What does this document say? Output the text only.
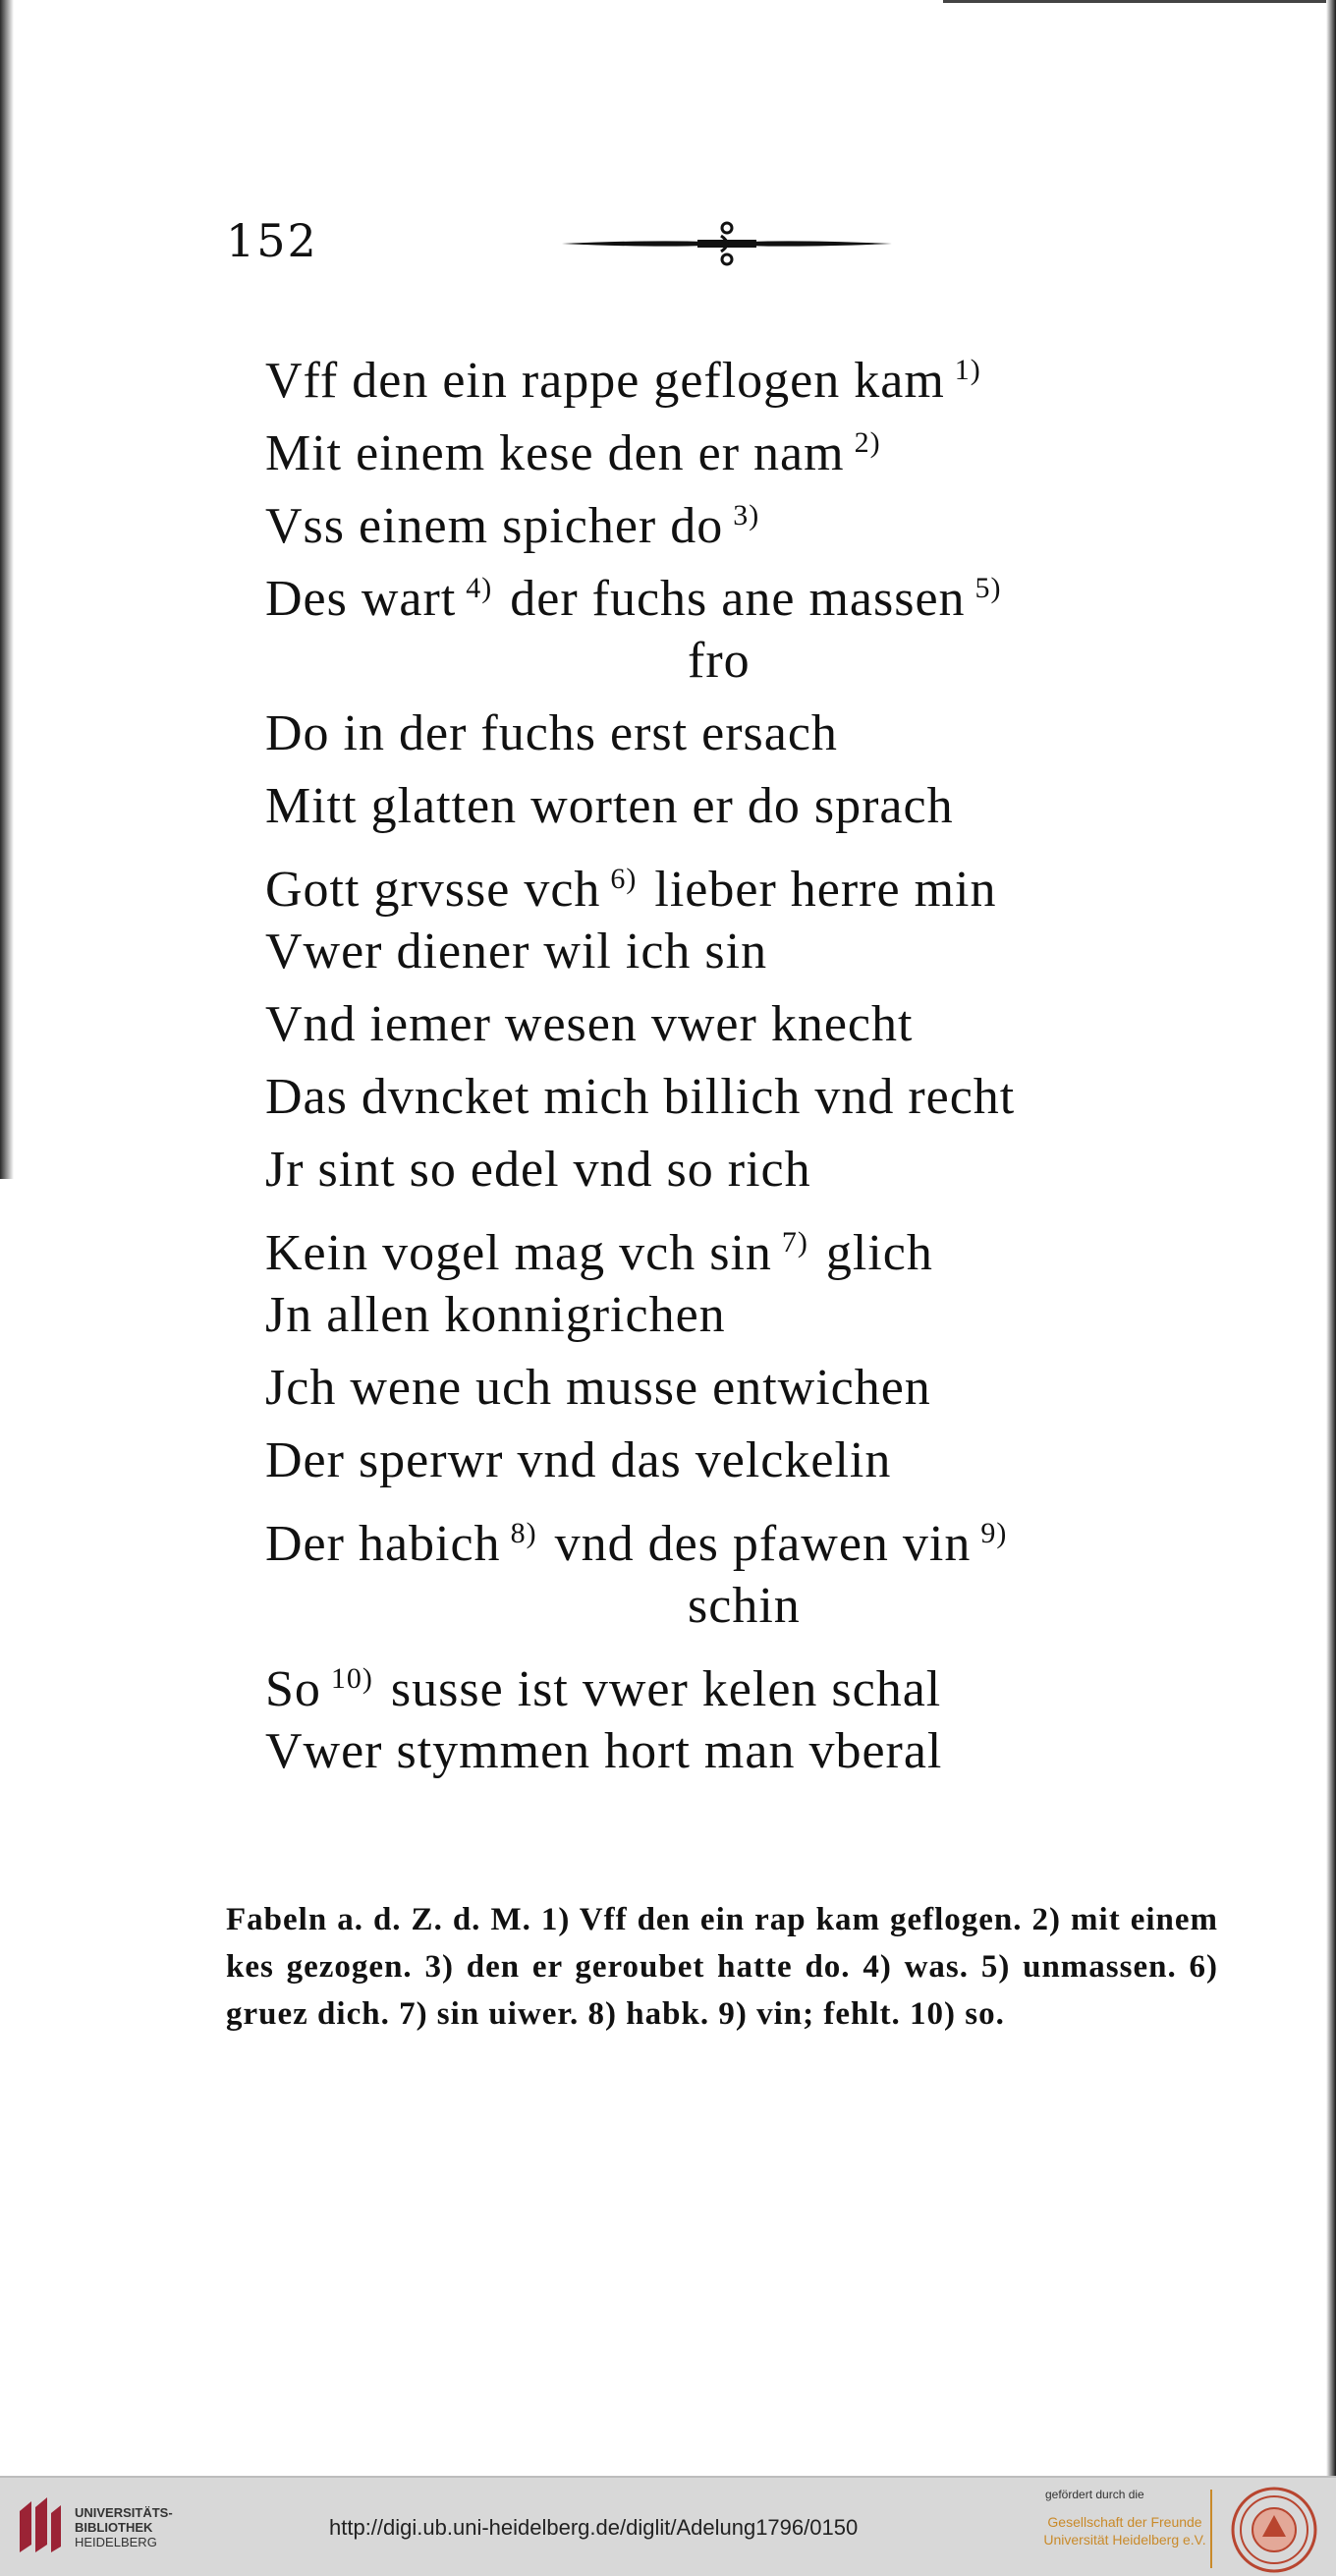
152
Vff den ein rappe geflogen kam $^{1)}$
Mit einem kese den er nam $^{2)}$
Vss einem spicher do $^{3)}$
Des wart $^{4)}$ der fuchs ane massen $^{5)}$
fro
Do in der fuchs erst ersach
Mitt glatten worten er do sprach
Gott grvsse vch $^{6)}$ lieber herre min
Vwer diener wil ich sin
Vnd iemer wesen vwer knecht
Das dvncket mich billich vnd recht
Jr sint so edel vnd so rich
Kein vogel mag vch sin $^{7)}$ glich
Jn allen konnigrichen
Jch wene uch musse entwichen
Der sperwr vnd das velckelin
Der habich $^{8)}$ vnd des pfawen vin $^{9)}$
schin
So $^{10)}$ susse ist vwer kelen schal
Vwer stymmen hort man vberal
Fabeln a. d. Z. d. M. 1) Vff den ein rap kam geflogen. 2) mit einem kes gezogen. 3) den er geroubet hatte do. 4) was. 5) unmassen. 6) gruez dich. 7) sin uiwer. 8) habk. 9) vin; fehlt. 10) so.
UNIVERSITÄTS-
BIBLIOTHEK
HEIDELBERG
http://digi.ub.uni-heidelberg.de/diglit/Adelung1796/0150
gefördert durch die
Gesellschaft der Freunde
Universität Heidelberg e.V.
